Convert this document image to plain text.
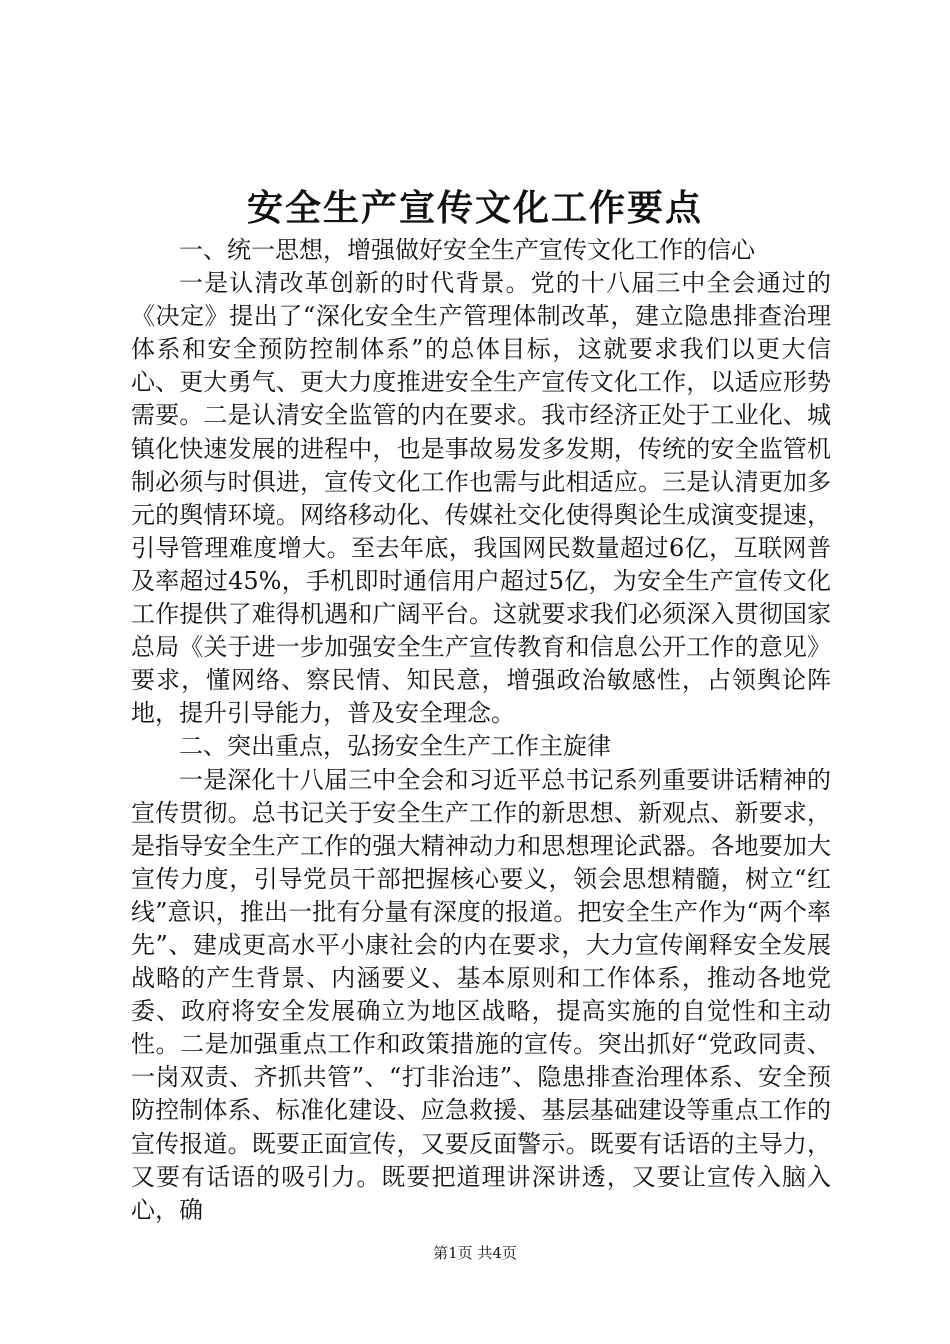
安全生产宣传文化工作要点

一、统一思想，增强做好安全生产宣传文化工作的信心

一是认清改革创新的时代背景。党的十八届三中全会通过的《决定》提出了“深化安全生产管理体制改革，建立隐患排查治理体系和安全预防控制体系”的总体目标，这就要求我们以更大信心、更大勇气、更大力度推进安全生产宣传文化工作，以适应形势需要。二是认清安全监管的内在要求。我市经济正处于工业化、城镇化快速发展的进程中，也是事故易发多发期，传统的安全监管机制必须与时俱进，宣传文化工作也需与此相适应。三是认清更加多元的舆情环境。网络移动化、传媒社交化使得舆论生成演变提速，引导管理难度增大。至去年底，我国网民数量超过6亿，互联网普及率超过45%，手机即时通信用户超过5亿，为安全生产宣传文化工作提供了难得机遇和广阔平台。这就要求我们必须深入贯彻国家总局《关于进一步加强安全生产宣传教育和信息公开工作的意见》要求，懂网络、察民情、知民意，增强政治敏感性，占领舆论阵地，提升引导能力，普及安全理念。

二、突出重点，弘扬安全生产工作主旋律

一是深化十八届三中全会和习近平总书记系列重要讲话精神的宣传贯彻。总书记关于安全生产工作的新思想、新观点、新要求，是指导安全生产工作的强大精神动力和思想理论武器。各地要加大宣传力度，引导党员干部把握核心要义，领会思想精髓，树立“红线”意识，推出一批有分量有深度的报道。把安全生产作为“两个率先”、建成更高水平小康社会的内在要求，大力宣传阐释安全发展战略的产生背景、内涵要义、基本原则和工作体系，推动各地党委、政府将安全发展确立为地区战略，提高实施的自觉性和主动性。二是加强重点工作和政策措施的宣传。突出抓好“党政同责、一岗双责、齐抓共管”、“打非治违”、隐患排查治理体系、安全预防控制体系、标准化建设、应急救援、基层基础建设等重点工作的宣传报道。既要正面宣传，又要反面警示。既要有话语的主导力，又要有话语的吸引力。既要把道理讲深讲透，又要让宣传入脑入心，确

第1页 共4页
